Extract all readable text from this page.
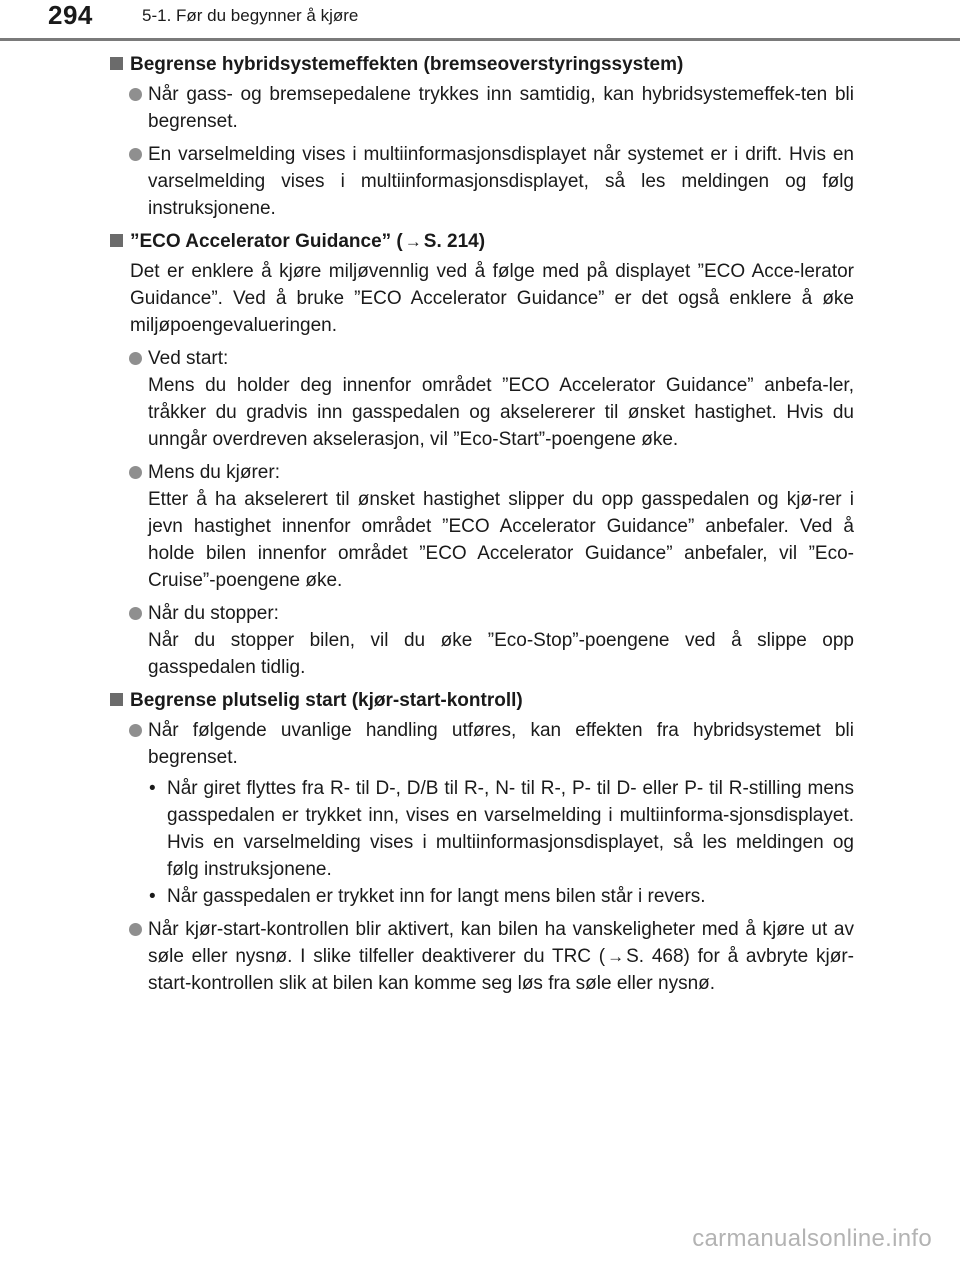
294	5-1. Før du begynner å kjøre
Begrense hybridsystemeffekten (bremseoverstyringssystem)
Når gass- og bremsepedalene trykkes inn samtidig, kan hybridsystemeffek-ten bli begrenset.
En varselmelding vises i multiinformasjonsdisplayet når systemet er i drift. Hvis en varselmelding vises i multiinformasjonsdisplayet, så les meldingen og følg instruksjonene.
”ECO Accelerator Guidance” ( → S. 214)
Det er enklere å kjøre miljøvennlig ved å følge med på displayet ”ECO Acce-lerator Guidance”. Ved å bruke ”ECO Accelerator Guidance” er det også enklere å øke miljøpoengevalueringen.
Ved start:
Mens du holder deg innenfor området ”ECO Accelerator Guidance” anbefa-ler, tråkker du gradvis inn gasspedalen og akselererer til ønsket hastighet. Hvis du unngår overdreven akselerasjon, vil ”Eco-Start”-poengene øke.
Mens du kjører:
Etter å ha akselerert til ønsket hastighet slipper du opp gasspedalen og kjø-rer i jevn hastighet innenfor området ”ECO Accelerator Guidance” anbefaler. Ved å holde bilen innenfor området ”ECO Accelerator Guidance” anbefaler, vil ”Eco-Cruise”-poengene øke.
Når du stopper:
Når du stopper bilen, vil du øke ”Eco-Stop”-poengene ved å slippe opp gasspedalen tidlig.
Begrense plutselig start (kjør-start-kontroll)
Når følgende uvanlige handling utføres, kan effekten fra hybridsystemet bli begrenset.
• Når giret flyttes fra R- til D-, D/B til R-, N- til R-, P- til D- eller P- til R-stilling mens gasspedalen er trykket inn, vises en varselmelding i multiinforma-sjonsdisplayet. Hvis en varselmelding vises i multiinformasjonsdisplayet, så les meldingen og følg instruksjonene.
• Når gasspedalen er trykket inn for langt mens bilen står i revers.
Når kjør-start-kontrollen blir aktivert, kan bilen ha vanskeligheter med å kjøre ut av søle eller nysnø. I slike tilfeller deaktiverer du TRC ( → S. 468) for å avbryte kjør-start-kontrollen slik at bilen kan komme seg løs fra søle eller nysnø.
carmanualsonline.info
